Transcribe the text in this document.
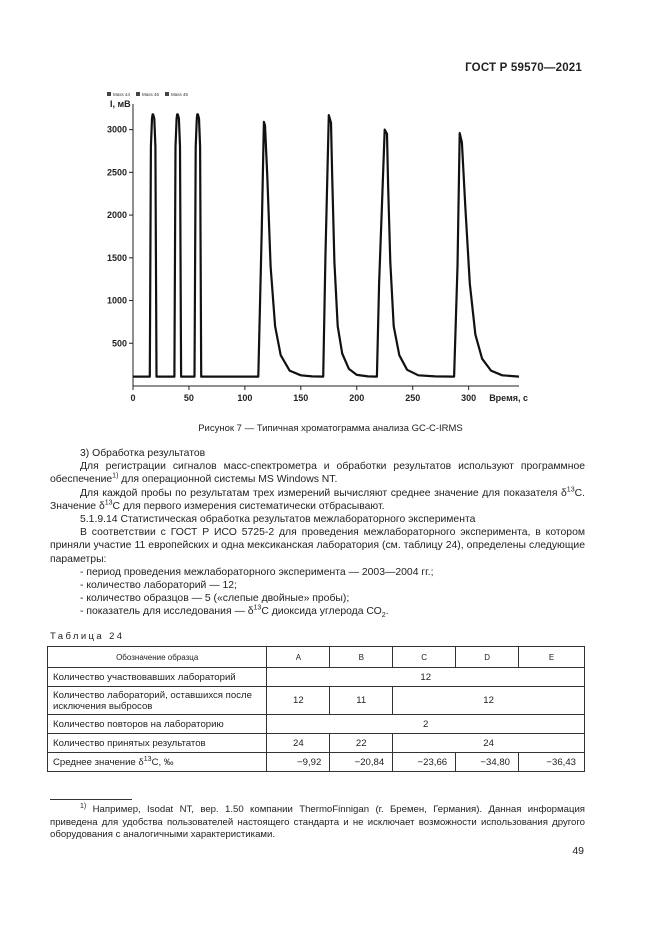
ГОСТ Р 59570—2021
500
1000
1500
2000
2500
3000
0	50	100	150	200	250	300
I, мВ
Время, с
Mass 44	Mass 45	Mass 46
Рисунок 7 — Типичная хроматограмма анализа GC-C-IRMS

3) Обработка результатов

Для регистрации сигналов масс-спектрометра и обработки результатов используют программное обеспечение$^{1)}$ для операционной системы MS Windows NT.

Для каждой пробы по результатам трех измерений вычисляют среднее значение для показателя $\delta^{13}С$. Значение $\delta^{13}С$ для первого измерения систематически отбрасывают.

5.1.9.14 Статистическая обработка результатов межлабораторного эксперимента

В соответствии с ГОСТ Р ИСО 5725-2 для проведения межлабораторного эксперимента, в котором приняли участие 11 европейских и одна мексиканская лаборатория (см. таблицу 24), определены следующие параметры:

- период проведения межлабораторного эксперимента — 2003—2004 гг.;

- количество лабораторий — 12;

- количество образцов — 5 («слепые двойные» пробы);

- показатель для исследования — $\delta^{13}С$ диоксида углерода $СО_2$.

Таблица 24
Обозначение образца	A	B	C	D	E
Количество участвовавших лабораторий	12				
Количество лабораторий, оставшихся после исключения выбросов	12	11	12		
Количество повторов на лабораторию	2				
Количество принятых результатов	24	22	24		
Среднее значение $\delta^{13}С$, ‰	−9,92	−20,84	−23,66	−34,80	−36,43
$^{1)}$ Например, Isodat NT, вер. 1.50 компании ThermoFinnigan (г. Бремен, Германия). Данная информация приведена для удобства пользователей настоящего стандарта и не исключает возможности использования другого оборудования с аналогичными характеристиками.
49
